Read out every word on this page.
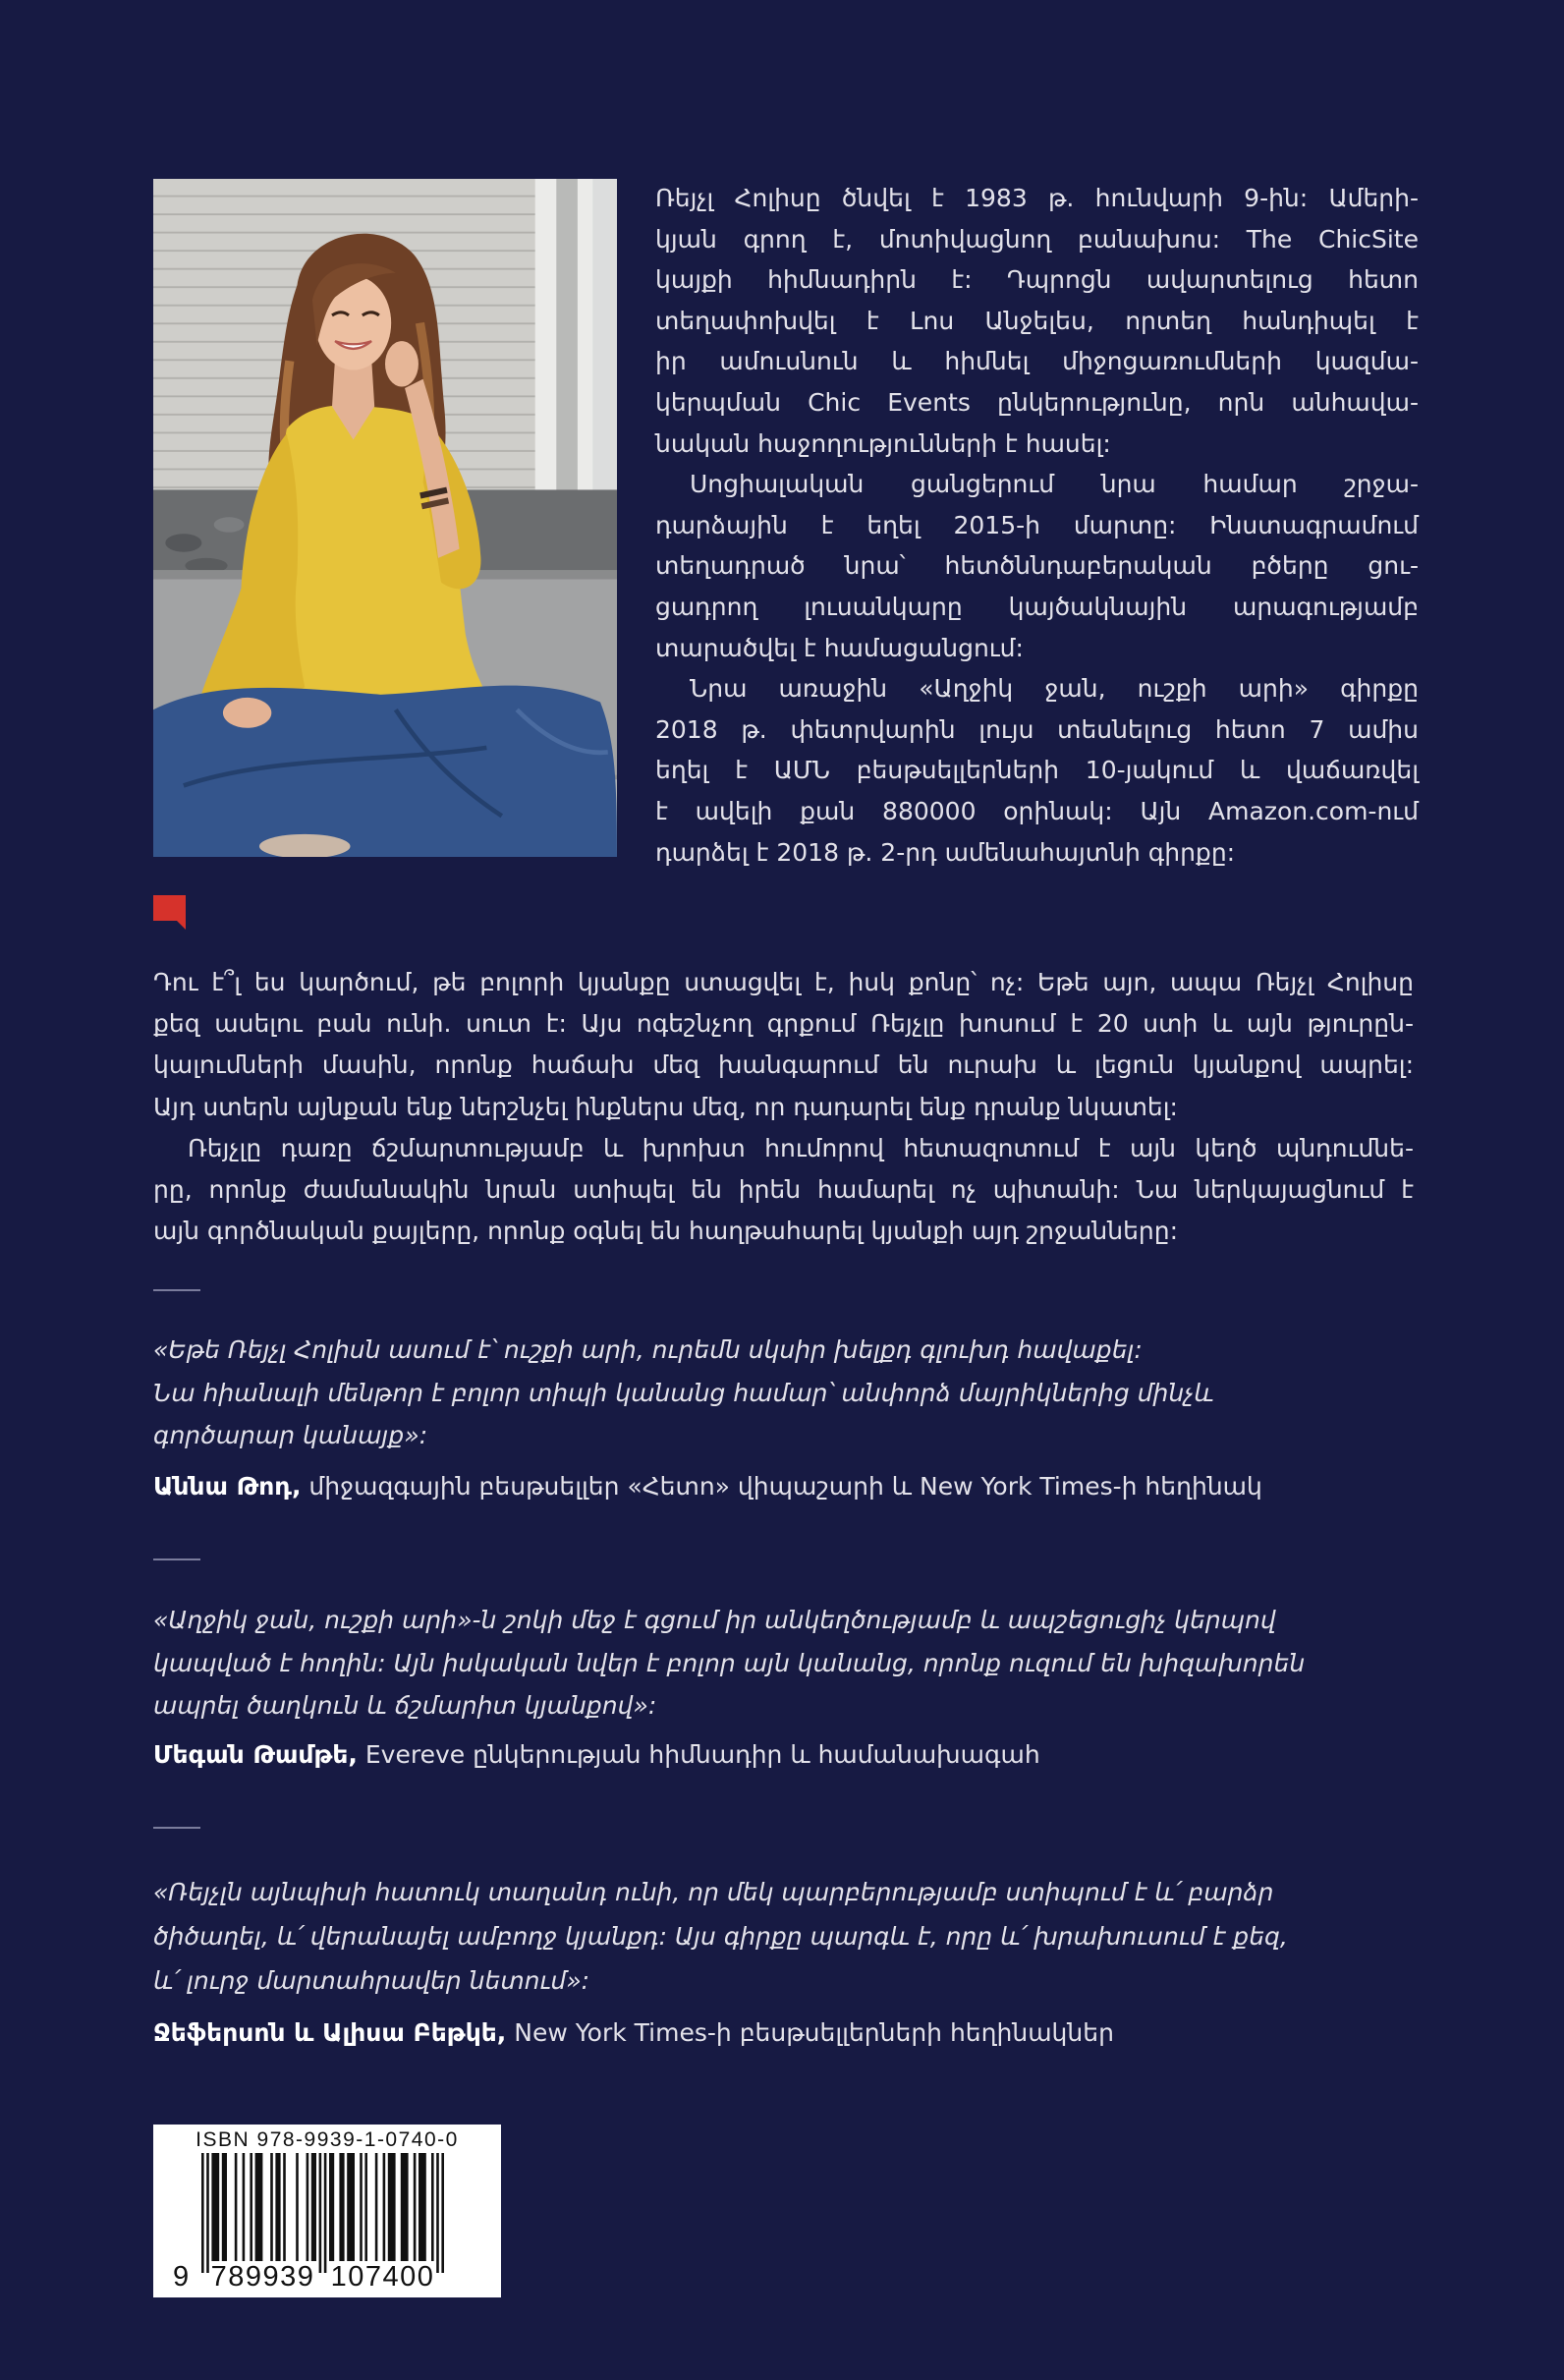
Ռեյչլ Հոլիսը ծնվել է 1983 թ. հունվարի 9-ին: Ամերի-
կյան գրող է, մոտիվացնող բանախոս: The ChicSite
կայքի հիմնադիրն է: Դպրոցն ավարտելուց հետո
տեղափոխվել է Լոս Անջելես, որտեղ հանդիպել է
իր ամուսնուն և հիմնել միջոցառումների կազմա-
կերպման Chic Events ընկերությունը, որն անհավա-
նական հաջողությունների է հասել:
Սոցիալական ցանցերում նրա համար շրջա-
դարձային է եղել 2015-ի մարտը: Ինստագրամում
տեղադրած նրա՝ հետծննդաբերական բծերը ցու-
ցադրող լուսանկարը կայծակնային արագությամբ
տարածվել է համացանցում:
Նրա առաջին «Աղջիկ ջան, ուշքի արի» գիրքը
2018 թ. փետրվարին լույս տեսնելուց հետո 7 ամիս
եղել է ԱՄՆ բեսթսելլերների 10-յակում և վաճառվել
է ավելի քան 880000 օրինակ: Այն Amazon.com-ում
դարձել է 2018 թ. 2-րդ ամենահայտնի գիրքը:
Դու է՞լ ես կարծում, թե բոլորի կյանքը ստացվել է, իսկ քոնը՝ ոչ: Եթե այո, ապա Ռեյչլ Հոլիսը
քեզ ասելու բան ունի. սուտ է: Այս ոգեշնչող գրքում Ռեյչլը խոսում է 20 ստի և այն թյուրըն-
կալումների մասին, որոնք հաճախ մեզ խանգարում են ուրախ և լեցուն կյանքով ապրել:
Այդ ստերն այնքան ենք ներշնչել ինքներս մեզ, որ դադարել ենք դրանք նկատել:
Ռեյչլը դառը ճշմարտությամբ և խրոխտ հումորով հետազոտում է այն կեղծ պնդումնե-
րը, որոնք ժամանակին նրան ստիպել են իրեն համարել ոչ պիտանի: Նա ներկայացնում է
այն գործնական քայլերը, որոնք օգնել են հաղթահարել կյանքի այդ շրջանները:
«Եթե Ռեյչլ Հոլիսն ասում է՝ ուշքի արի, ուրեմն սկսիր խելքդ գլուխդ հավաքել:
Նա հիանալի մենթոր է բոլոր տիպի կանանց համար՝ անփորձ մայրիկներից մինչև
գործարար կանայք»:
Աննա Թոդ, միջազգային բեսթսելլեր «Հետո» վիպաշարի և New York Times-ի հեղինակ
«Աղջիկ ջան, ուշքի արի»-ն շոկի մեջ է գցում իր անկեղծությամբ և ապշեցուցիչ կերպով
կապված է հողին: Այն իսկական նվեր է բոլոր այն կանանց, որոնք ուզում են խիզախորեն
ապրել ծաղկուն և ճշմարիտ կյանքով»:
Մեգան Թամթե, Evereve ընկերության հիմնադիր և համանախագահ
«Ռեյչլն այնպիսի հատուկ տաղանդ ունի, որ մեկ պարբերությամբ ստիպում է և՛ բարձր
ծիծաղել, և՛ վերանայել ամբողջ կյանքդ: Այս գիրքը պարգև է, որը և՛ խրախուսում է քեզ,
և՛ լուրջ մարտահրավեր նետում»:
Ջեֆերսոն և Ալիսա Բեթկե, New York Times-ի բեսթսելլերների հեղինակներ
ISBN 978-9939-1-0740-0
9 789939 107400
